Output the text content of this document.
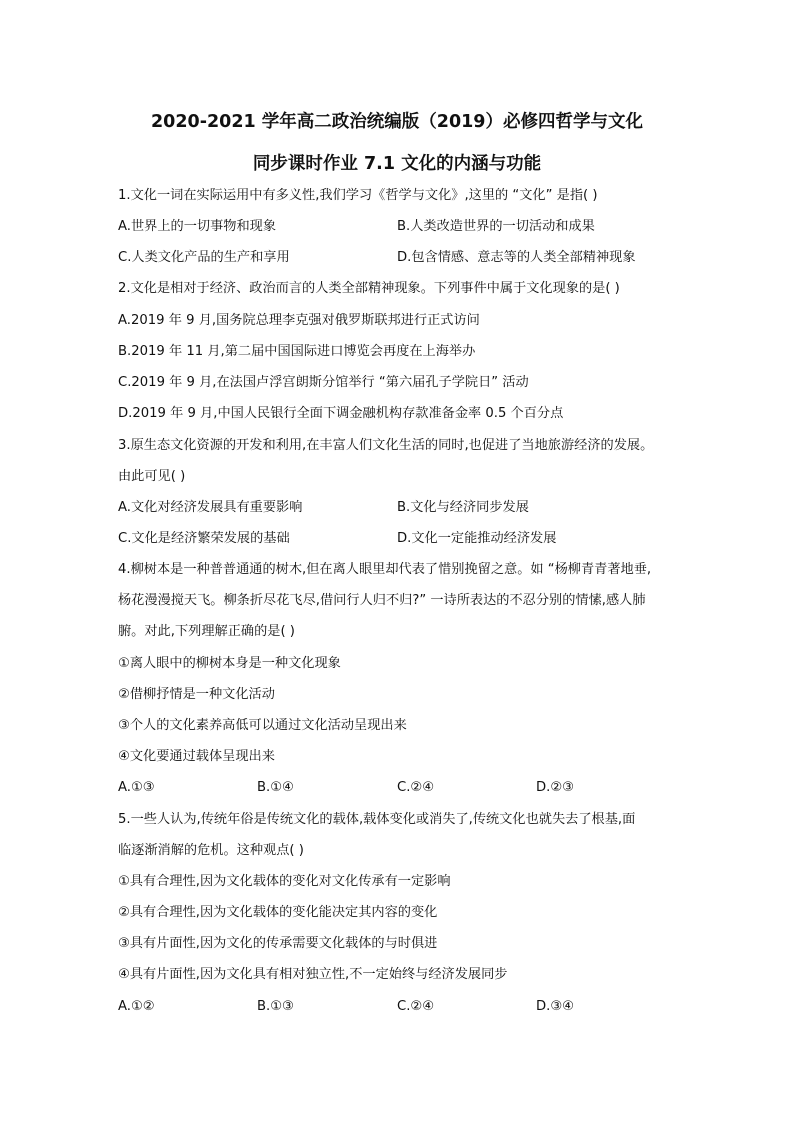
2020-2021 学年高二政治统编版（2019）必修四哲学与文化
同步课时作业 7.1 文化的内涵与功能
1.文化一词在实际运用中有多义性,我们学习《哲学与文化》,这里的 “文化” 是指( )
A.世界上的一切事物和现象	B.人类改造世界的一切活动和成果
C.人类文化产品的生产和享用	D.包含情感、意志等的人类全部精神现象
2.文化是相对于经济、政治而言的人类全部精神现象。下列事件中属于文化现象的是( )
A.2019 年 9 月,国务院总理李克强对俄罗斯联邦进行正式访问
B.2019 年 11 月,第二届中国国际进口博览会再度在上海举办
C.2019 年 9 月,在法国卢浮宫朗斯分馆举行 “第六届孔子学院日” 活动
D.2019 年 9 月,中国人民银行全面下调金融机构存款准备金率 0.5 个百分点
3.原生态文化资源的开发和利用,在丰富人们文化生活的同时,也促进了当地旅游经济的发展。
由此可见( )
A.文化对经济发展具有重要影响	B.文化与经济同步发展
C.文化是经济繁荣发展的基础	D.文化一定能推动经济发展
4.柳树本是一种普普通通的树木,但在离人眼里却代表了惜别挽留之意。如 “杨柳青青著地垂,
杨花漫漫搅天飞。柳条折尽花飞尽,借问行人归不归?” 一诗所表达的不忍分别的情愫,感人肺
腑。对此,下列理解正确的是( )
①离人眼中的柳树本身是一种文化现象
②借柳抒情是一种文化活动
③个人的文化素养高低可以通过文化活动呈现出来
④文化要通过载体呈现出来
A.①③	B.①④	C.②④	D.②③
5.一些人认为,传统年俗是传统文化的载体,载体变化或消失了,传统文化也就失去了根基,面
临逐渐消解的危机。这种观点( )
①具有合理性,因为文化载体的变化对文化传承有一定影响
②具有合理性,因为文化载体的变化能决定其内容的变化
③具有片面性,因为文化的传承需要文化载体的与时俱进
④具有片面性,因为文化具有相对独立性,不一定始终与经济发展同步
A.①②	B.①③	C.②④	D.③④
